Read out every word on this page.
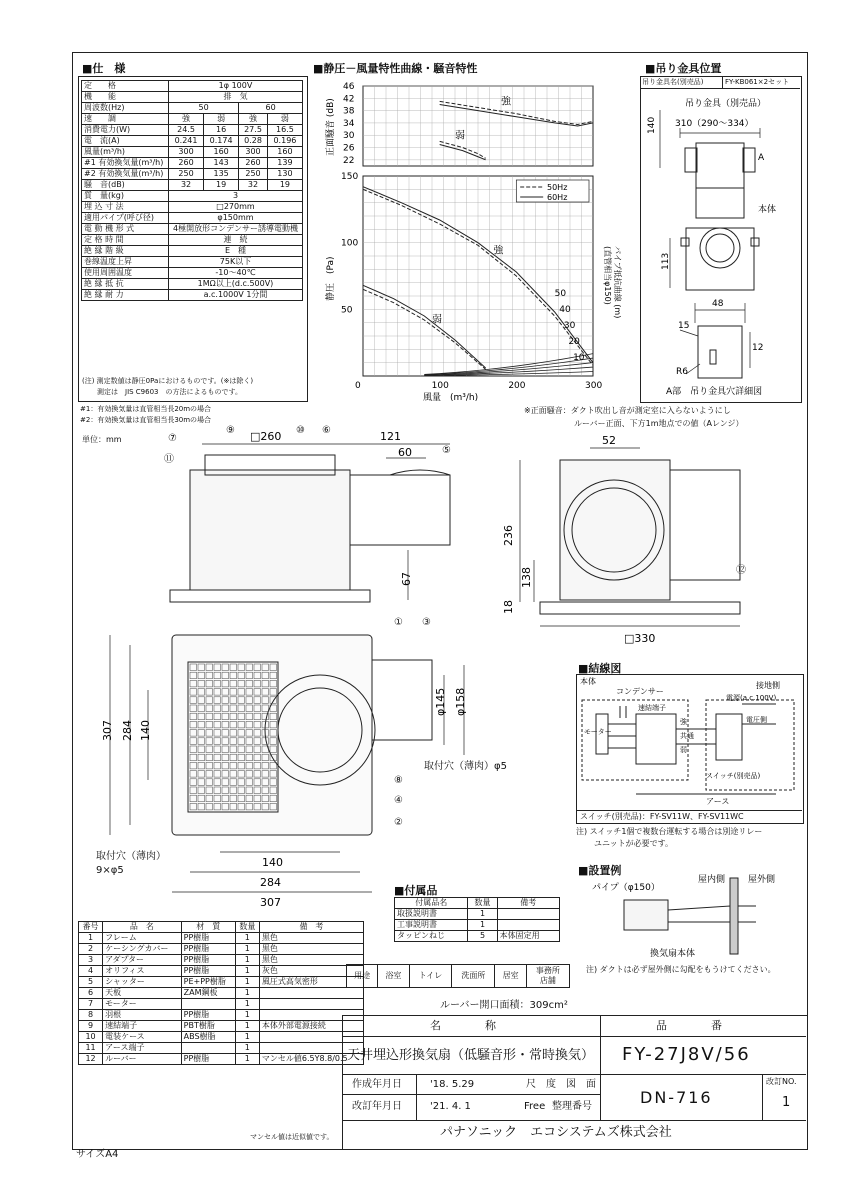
■仕　様
定　　格	1φ 100V			
機　　能	排　気			
周波数(Hz)	50		60	
速　　調	強	弱	強	弱
消費電力(W)	24.5	16	27.5	16.5
電　流(A)	0.241	0.174	0.28	0.196
風量(m³/h)	300	160	300	160
#1 有効換気量(m³/h)	260	143	260	139
#2 有効換気量(m³/h)	250	135	250	130
騒　音(dB)	32	19	32	19
質　量(kg)	3			
埋 込 寸 法	□270mm			
適用パイプ(呼び径)	φ150mm			
電 動 機 形 式	4極開放形コンデンサー誘導電動機			
定 格 時 間	連　続			
絶 縁 階 級	E　種			
巻線温度上昇	75K以下			
使用周囲温度	-10～40℃			
絶 縁 抵 抗	1MΩ以上(d.c.500V)			
絶 縁 耐 力	a.c.1000V 1分間			
(注) 測定数値は静圧0Paにおけるものです。(※は除く)
測定は　JIS C9603　の方法によるものです。
#1：有効換気量は直管相当長20mの場合
#2：有効換気量は直管相当長30mの場合
■静圧－風量特性曲線・騒音特性
46
42
38
34
30
26
22
正面騒音 (dB)	強
弱
150
100
50
0	100	200	300
静圧　(Pa)
風量　(m³/h)
50
40
30
20
10
強
弱
50Hz
60Hz
パイプ抵抗曲線 (m)
(直管相当φ150)
■吊り金具位置
吊り金具名(別売品)	FY-KB061×2セット
吊り金具（別売品）
310（290～334）
140
A
本体
113
48
15
12
R6
A部　吊り金具穴詳細図
※正面騒音：ダクト吹出し音が測定室に入らないようにし
ルーバー正面、下方1m地点での値（Aレンジ）
単位：mm	□260	121
60
67
⑦
⑨	⑩ ⑥
⑪
⑤
52
236
138
18
□330
⑫
307 284 140
φ145 φ158
140
284
307
① ③
⑧
④
②
取付穴（薄肉）φ5
取付穴（薄肉）
9×φ5
■結線図
本体
コンデンサー
速結端子
モーター
強
共通
弱
接地側
電源(a.c.100V)
電圧側
スイッチ(別売品)
アース
スイッチ(別売品)：FY-SV11W、FY-SV11WC
注) スイッチ1個で複数台運転する場合は別途リレー
ユニットが必要です。
■設置例
パイプ（φ150）
屋内側	屋外側
換気扇本体
注) ダクトは必ず屋外側に勾配をもうけてください。
■付属品
付属品名	数量	備考
取扱説明書	1	
工事説明書	1	
タッピンねじ	5	本体固定用
番号	品　名	材　質	数量	備　考
1	フレーム	PP樹脂	1	黒色
2	ケーシングカバー	PP樹脂	1	黒色
3	アダプター	PP樹脂	1	黒色
4	オリフィス	PP樹脂	1	灰色
5	シャッター	PE+PP樹脂	1	風圧式高気密形
6	天板	ZAM鋼板	1	
7	モーター		1	
8	羽根	PP樹脂	1	
9	速結端子	PBT樹脂	1	本体外部電源接続
10	電装ケース	ABS樹脂	1	
11	アース端子		1	
12	ルーバー	PP樹脂	1	マンセル値6.5Y8.8/0.5
マンセル値は近似値です。
用途	浴室	トイレ	洗面所	居室	事務所
店舗
ルーバー開口面積：309cm²
名　　　　称	品　　　　番
天井埋込形換気扇（低騒音形・常時換気） FY-27J8V/56
作成年月日	'18. 5.29	尺　度 図　面
改訂年月日	'21. 4. 1	Free 整理番号	DN-716
改訂NO.
1
パナソニック　エコシステムズ株式会社
サイズA4
